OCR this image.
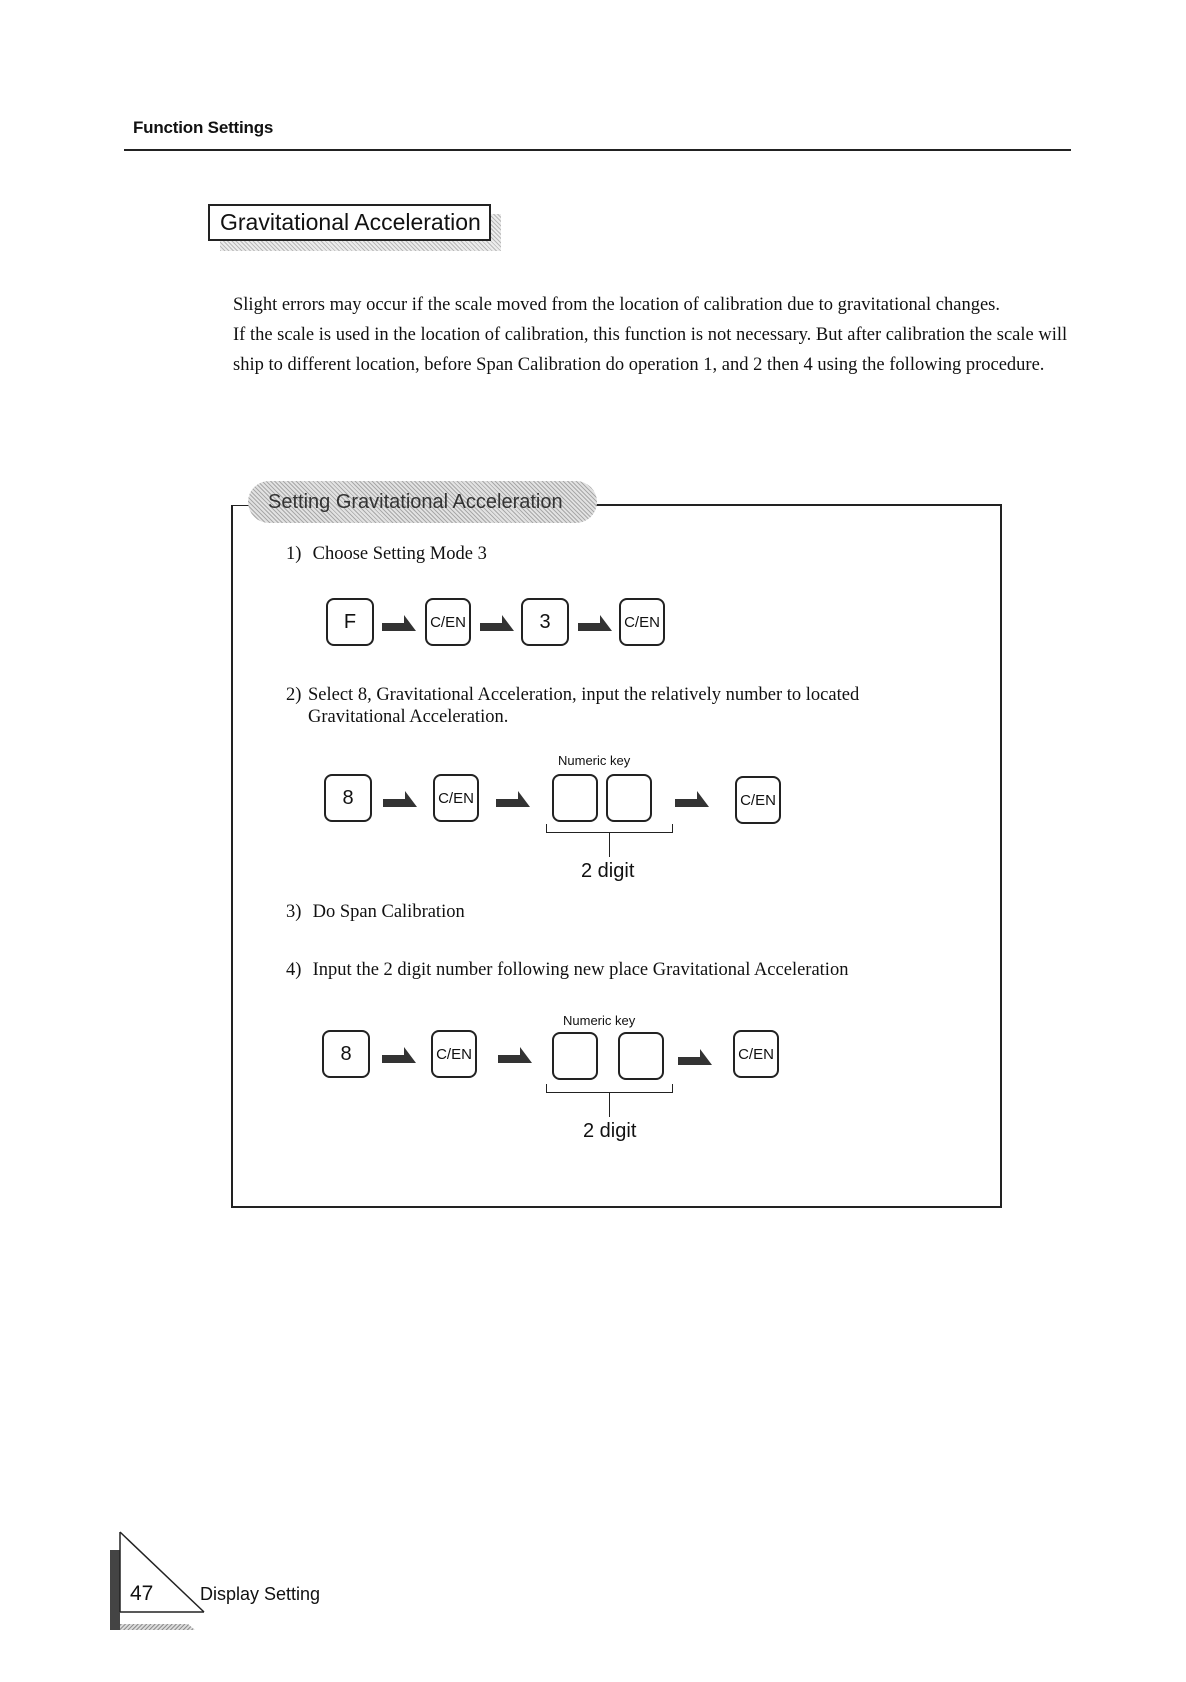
Function Settings
Gravitational Acceleration

Slight errors may occur if the scale moved from the location of calibration due to gravitational changes.

If the scale is used in the location of calibration, this function is not necessary. But after calibration the scale will ship to different location, before Span Calibration do operation 1, and 2 then 4 using the following procedure.

Setting Gravitational Acceleration
1) Choose Setting Mode 3
F	C/EN	3	C/EN
2) Select 8, Gravitational Acceleration, input the relatively number to located
Gravitational Acceleration.
Numeric key
8	C/EN	C/EN
2 digit
3) Do Span Calibration
4) Input the 2 digit number following new place Gravitational Acceleration
Numeric key
8	C/EN	C/EN
2 digit
47	Display Setting
